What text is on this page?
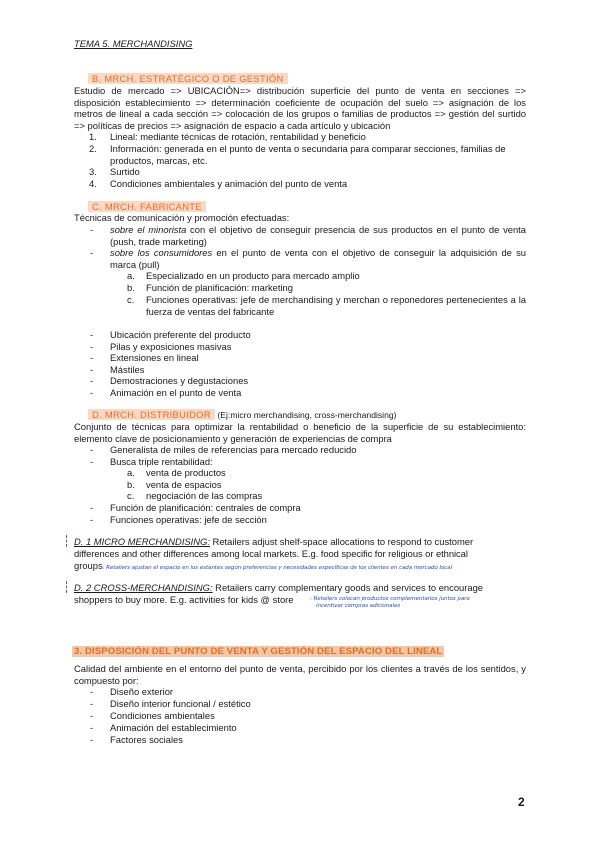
TEMA 5. MERCHANDISING
B. MRCH. ESTRATÉGICO O DE GESTIÓN
Estudio de mercado => UBICACIÓN=> distribución superficie del punto de venta en secciones => disposición establecimiento => determinación coeficiente de ocupación del suelo => asignación de los metros de lineal a cada sección => colocación de los grupos o familias de productos => gestión del surtido => políticas de precios => asignación de espacio a cada artículo y ubicación
1. Lineal: mediante técnicas de rotación, rentabilidad y beneficio
2. Información: generada en el punto de venta o secundaria para comparar secciones, familias de productos, marcas, etc.
3. Surtido
4. Condiciones ambientales y animación del punto de venta
C. MRCH. FABRICANTE
Técnicas de comunicación y promoción efectuadas:
- sobre el minorista con el objetivo de conseguir presencia de sus productos en el punto de venta (push, trade marketing)
- sobre los consumidores en el punto de venta con el objetivo de conseguir la adquisición de su marca (pull)
a. Especializado en un producto para mercado amplio
b. Función de planificación: marketing
c. Funciones operativas: jefe de merchandising y merchan o reponedores pertenecientes a la fuerza de ventas del fabricante
- Ubicación preferente del producto
- Pilas y exposiciones masivas
- Extensiones en lineal
- Mástiles
- Demostraciones y degustaciones
- Animación en el punto de venta
D. MRCH. DISTRIBUIDOR (Ej:micro merchandising, cross-merchandising)
Conjunto de técnicas para optimizar la rentabilidad o beneficio de la superficie de su establecimiento: elemento clave de posicionamiento y generación de experiencias de compra
- Generalista de miles de referencias para mercado reducido
- Busca triple rentabilidad:
a. venta de productos
b. venta de espacios
c. negociación de las compras
- Función de planificación: centrales de compra
- Funciones operativas: jefe de sección
D. 1 MICRO MERCHANDISING: Retailers adjust shelf-space allocations to respond to customer
differences and other differences among local markets. E.g. food specific for religious or ethnical
groups: Retailers ajustan el espacio en los estantes según preferencias y necesidades específicas de los clientes en cada mercado local
D. 2 CROSS-MERCHANDISING: Retailers carry complementary goods and services to encourage
shoppers to buy more. E.g. activities for kids @ store	: Retailers colocan productos complementarios juntos para
incentivar compras adicionales
3. DISPOSICIÓN DEL PUNTO DE VENTA Y GESTIÓN DEL ESPACIO DEL LINEAL
Calidad del ambiente en el entorno del punto de venta, percibido por los clientes a través de los sentidos, y compuesto por:
- Diseño exterior
- Diseño interior funcional / estético
- Condiciones ambientales
- Animación del establecimiento
- Factores sociales
2
